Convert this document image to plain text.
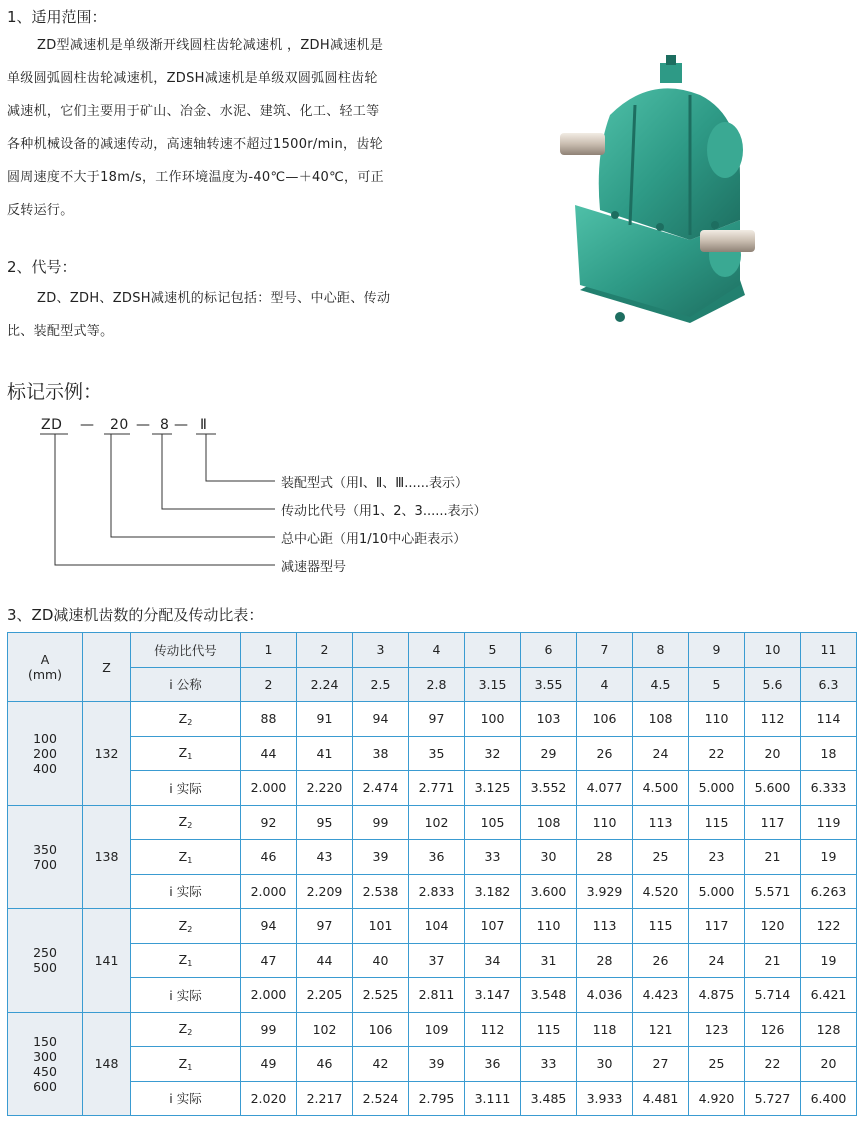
1、适用范围：
ZD型减速机是单级渐开线圆柱齿轮减速机 ，ZDH减速机是
单级圆弧圆柱齿轮减速机，ZDSH减速机是单级双圆弧圆柱齿轮
减速机，它们主要用于矿山、冶金、水泥、建筑、化工、轻工等
各种机械设备的减速传动，高速轴转速不超过1500r/min，齿轮
圆周速度不大于18m/s，工作环境温度为-40℃—＋40℃，可正
反转运行。
2、代号：
ZD、ZDH、ZDSH减速机的标记包括：型号、中心距、传动
比、装配型式等。
标记示例：
ZD — 20 — 8 — Ⅱ
装配型式（用Ⅰ、Ⅱ、Ⅲ......表示）
传动比代号（用1、2、3......表示）
总中心距（用1/10中心距表示）
减速器型号
3、ZD减速机齿数的分配及传动比表：
A
(mm)	Z	传动比代号	1	2	3	4	5	6	7	8	9	10	11
		i 公称	2	2.24	2.5	2.8	3.15	3.55	4	4.5	5	5.6	6.3

100
200
400	132	$Z_2$	88	91	94	97	100	103	106	108	110	112	114
		$Z_1$	44	41	38	35	32	29	26	24	22	20	18
		i 实际	2.000	2.220	2.474	2.771	3.125	3.552	4.077	4.500	5.000	5.600	6.333

350
700	138	$Z_2$	92	95	99	102	105	108	110	113	115	117	119
		$Z_1$	46	43	39	36	33	30	28	25	23	21	19
		i 实际	2.000	2.209	2.538	2.833	3.182	3.600	3.929	4.520	5.000	5.571	6.263

250
500	141	$Z_2$	94	97	101	104	107	110	113	115	117	120	122
		$Z_1$	47	44	40	37	34	31	28	26	24	21	19
		i 实际	2.000	2.205	2.525	2.811	3.147	3.548	4.036	4.423	4.875	5.714	6.421

150
300
450
600	148	$Z_2$	99	102	106	109	112	115	118	121	123	126	128
		$Z_1$	49	46	42	39	36	33	30	27	25	22	20
		i 实际	2.020	2.217	2.524	2.795	3.111	3.485	3.933	4.481	4.920	5.727	6.400
